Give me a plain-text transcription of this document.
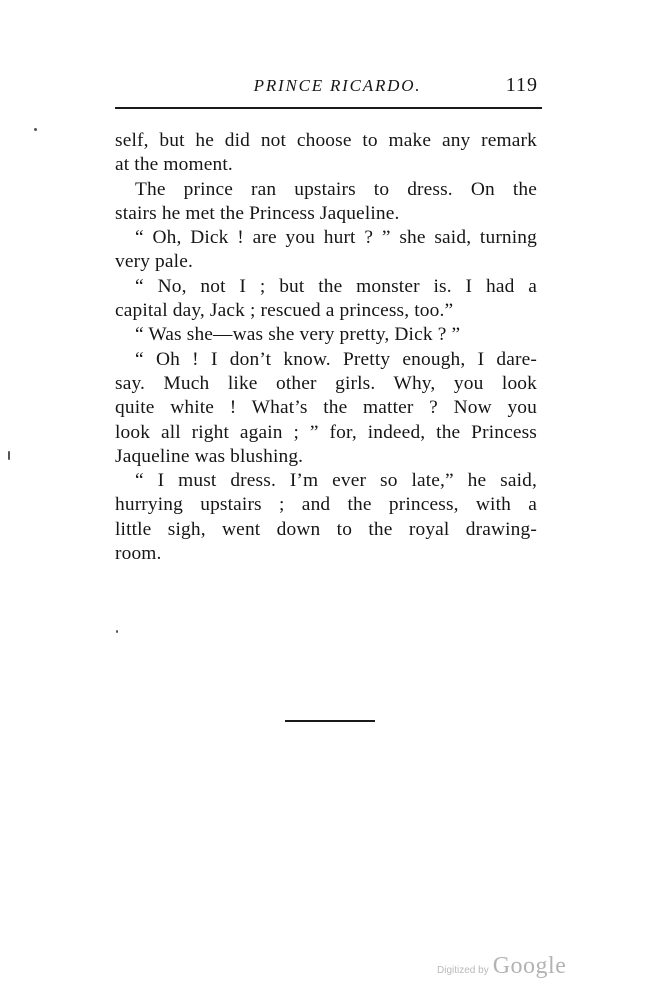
PRINCE RICARDO.	119
self, but he did not choose to make any remark
at the moment.
The prince ran upstairs to dress. On the
stairs he met the Princess Jaqueline.
“ Oh, Dick ! are you hurt ? ” she said, turning
very pale.
“ No, not I ; but the monster is. I had a
capital day, Jack ; rescued a princess, too.”
“ Was she—was she very pretty, Dick ? ”
“ Oh ! I don’t know. Pretty enough, I dare-
say. Much like other girls. Why, you look
quite white ! What’s the matter ? Now you
look all right again ; ” for, indeed, the Princess
Jaqueline was blushing.
“ I must dress. I’m ever so late,” he said,
hurrying upstairs ; and the princess, with a
little sigh, went down to the royal drawing-
room.
Digitized by Google
